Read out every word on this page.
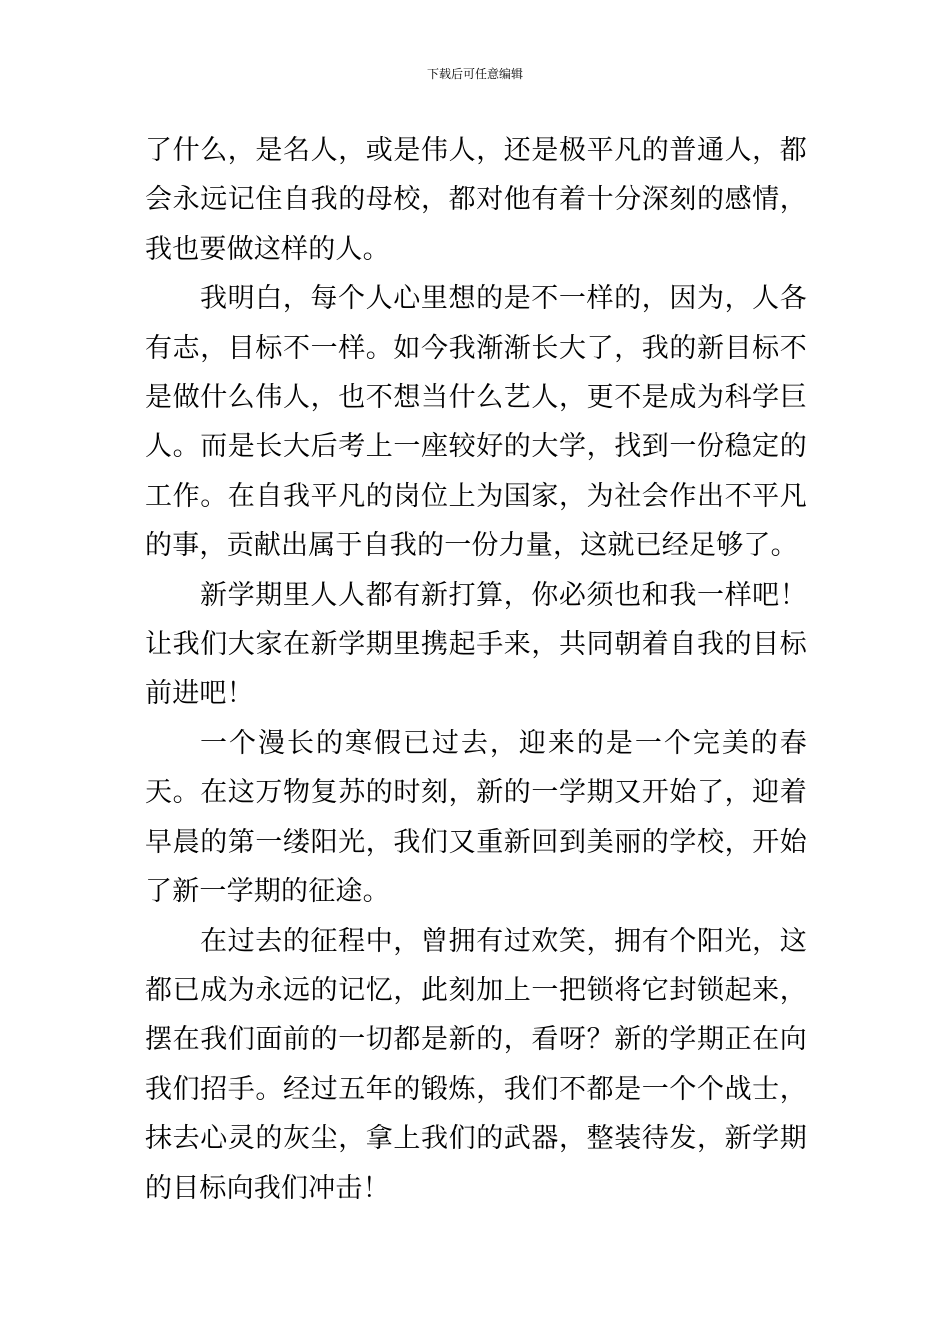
下载后可任意编辑

了什么，是名人，或是伟人，还是极平凡的普通人，都会永远记住自我的母校，都对他有着十分深刻的感情，我也要做这样的人。

我明白，每个人心里想的是不一样的，因为，人各有志，目标不一样。如今我渐渐长大了，我的新目标不是做什么伟人，也不想当什么艺人，更不是成为科学巨人。而是长大后考上一座较好的大学，找到一份稳定的工作。在自我平凡的岗位上为国家，为社会作出不平凡的事，贡献出属于自我的一份力量，这就已经足够了。

新学期里人人都有新打算，你必须也和我一样吧！让我们大家在新学期里携起手来，共同朝着自我的目标前进吧！

一个漫长的寒假已过去，迎来的是一个完美的春天。在这万物复苏的时刻，新的一学期又开始了，迎着早晨的第一缕阳光，我们又重新回到美丽的学校，开始了新一学期的征途。

在过去的征程中，曾拥有过欢笑，拥有个阳光，这都已成为永远的记忆，此刻加上一把锁将它封锁起来，摆在我们面前的一切都是新的，看呀？新的学期正在向我们招手。经过五年的锻炼，我们不都是一个个战士，抹去心灵的灰尘，拿上我们的武器，整装待发，新学期的目标向我们冲击！
